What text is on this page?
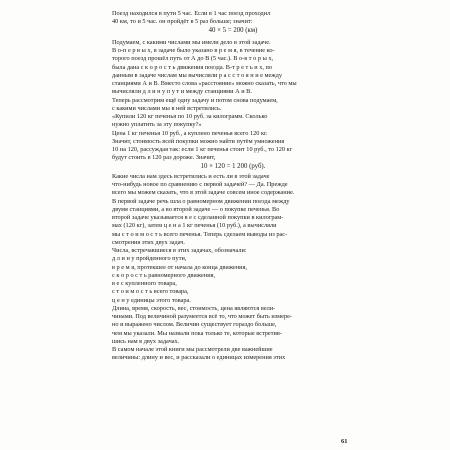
Поезд находился в пути 5 час. Если в 1 час поезд проходил
40 км, то и 5 час. он пройдёт в 5 раз больше; значит:
40 × 5 = 200 (км)
Подумаем, с какими числами мы имели дело в этой задаче.
В о-п е р в ы х, в задаче было указано в р е м я, в течение ко-
торого поезд прошёл путь от А до В (5 час.). В о-в т о р ы х,
была дана с к о р о с т ь движения поезда. В-т р е т ь и х, по
данным в задаче числам мы вычисляли р а с с т о я н и е между
станциями А и В. Вместо слова «расстояние» можно сказать, что мы
вычисляли д л и н у п у т и между станциями А и В.
Теперь рассмотрим ещё одну задачу и потом снова подумаем,
с какими числами мы в ней встретились.
«Купили 120 кг печенья по 10 руб. за килограмм. Сколько
нужно уплатить за эту покупку?»
Цена 1 кг печенья 10 руб., а куплено печенья всего 120 кг.
Значит, стоимость всей покупки можно найти путём умножения
10 на 120, рассуждая так: если 1 кг печенья стоит 10 руб., то 120 кг
будут стоить в 120 раз дороже. Значит,
10 × 120 = 1 200 (руб).
Какие числа нам здесь встретились и есть ли в этой задаче
что-нибудь новое по сравнению с первой задачей? — Да. Прежде
всего мы можем сказать, что в этой задаче совсем иное содержание.
В первой задаче речь шла о равномерном движении поезда между
двумя станциями, а во второй задаче — о покупке печенья. Во
второй задаче указывается в е с сделанной покупки в килограм-
мах (120 кг), затем ц е н а 1 кг печенья (10 руб.), а вычисляли
мы с т о и м о с т ь всего печенья. Теперь сделаем выводы из рас-
смотрения этих двух задач.
Числа, встречавшиеся в этих задачах, обозначали:
д л и н у пройденного пути,
в р е м я, протекшее от начала до конца движения,
с к о р о с т ь равномерного движения,
в е с купленного товара,
с т о и м о с т ь всего товара,
ц е н у единицы этого товара.
Длина, время, скорость, вес, стоимость, цена являются вели-
чинами. Под величиной разумеется всё то, что может быть измере-
но и выражено числом. Величин существует гораздо больше,
чем мы указали. Мы назвали пока только те, которые встретив-
шись нам в двух задачах.
В самом начале этой книги мы рассмотрели две важнейшие
величины: длину и вес, и рассказали о единицах измерения этих
61
